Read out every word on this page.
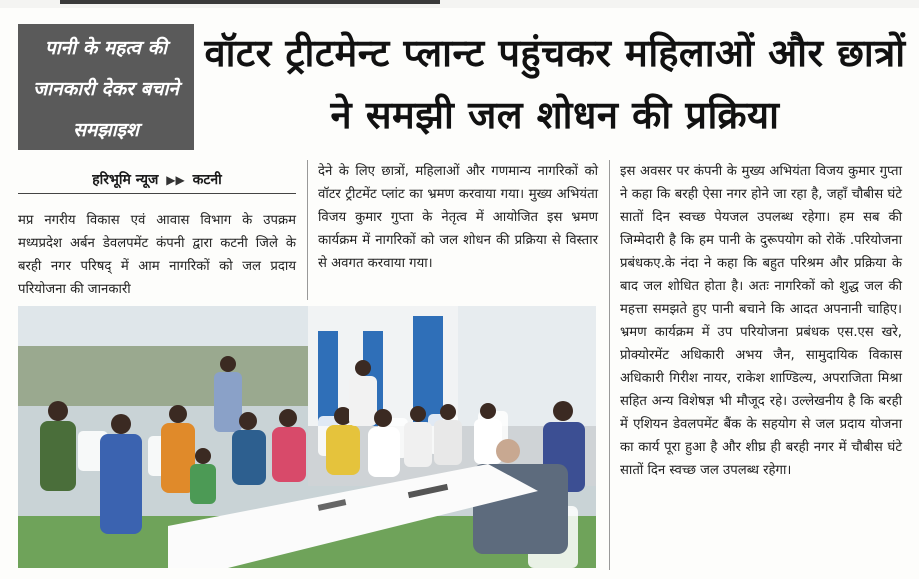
पानी के महत्व की जानकारी देकर बचाने समझाइश
वॉटर ट्रीटमेन्ट प्लान्ट पहुंचकर महिलाओं और छात्रों ने समझी जल शोधन की प्रक्रिया
हरिभूमि न्यूज ▶▶ कटनी
मप्र नगरीय विकास एवं आवास विभाग के उपक्रम मध्यप्रदेश अर्बन डेवलपमेंट कंपनी द्वारा कटनी जिले के बरही नगर परिषद् में आम नागरिकों को जल प्रदाय परियोजना की जानकारी
देने के लिए छात्रों, महिलाओं और गणमान्य नागरिकों को वॉटर ट्रीटमेंट प्लांट का भ्रमण करवाया गया। मुख्य अभियंता विजय कुमार गुप्ता के नेतृत्व में आयोजित इस भ्रमण कार्यक्रम में नागरिकों को जल शोधन की प्रक्रिया से विस्तार से अवगत करवाया गया।
इस अवसर पर कंपनी के मुख्य अभियंता विजय कुमार गुप्ता ने कहा कि बरही ऐसा नगर होने जा रहा है, जहाँ चौबीस घंटे सातों दिन स्वच्छ पेयजल उपलब्ध रहेगा। हम सब की जिम्मेदारी है कि हम पानी के दुरूपयोग को रोकें .परियोजना प्रबंधकए.के नंदा ने कहा कि बहुत परिश्रम और प्रक्रिया के बाद जल शोधित होता है। अतः नागरिकों को शुद्ध जल की महत्ता समझते हुए पानी बचाने कि आदत अपनानी चाहिए। भ्रमण कार्यक्रम में उप परियोजना प्रबंधक एस.एस खरे, प्रोक्योरमेंट अधिकारी अभय जैन, सामुदायिक विकास अधिकारी गिरीश नायर, राकेश शाण्डिल्य, अपराजिता मिश्रा सहित अन्य विशेषज्ञ भी मौजूद रहे। उल्लेखनीय है कि बरही में एशियन डेवलपमेंट बैंक के सहयोग से जल प्रदाय योजना का कार्य पूरा हुआ है और शीघ्र ही बरही नगर में चौबीस घंटे सातों दिन स्वच्छ जल उपलब्ध रहेगा।
